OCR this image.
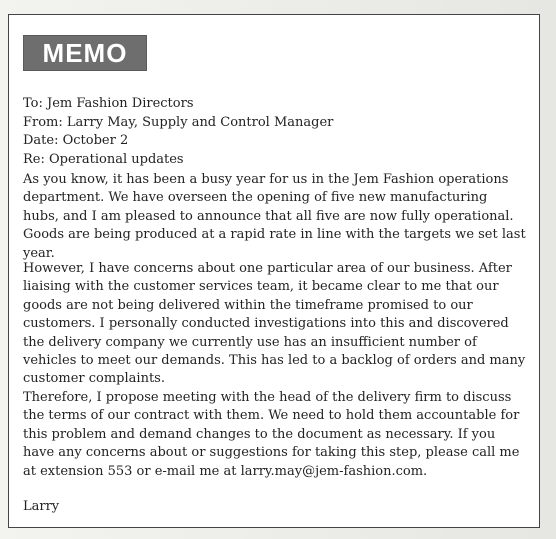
MEMO
To: Jem Fashion Directors
From: Larry May, Supply and Control Manager
Date: October 2
Re: Operational updates

As you know, it has been a busy year for us in the Jem Fashion operations department. We have overseen the opening of five new manufacturing hubs, and I am pleased to announce that all five are now fully operational. Goods are being produced at a rapid rate in line with the targets we set last year.

However, I have concerns about one particular area of our business. After liaising with the customer services team, it became clear to me that our goods are not being delivered within the timeframe promised to our customers. I personally conducted investigations into this and discovered the delivery company we currently use has an insufficient number of vehicles to meet our demands. This has led to a backlog of orders and many customer complaints.

Therefore, I propose meeting with the head of the delivery firm to discuss the terms of our contract with them. We need to hold them accountable for this problem and demand changes to the document as necessary. If you have any concerns about or suggestions for taking this step, please call me at extension 553 or e-mail me at larry.may@jem-fashion.com.

Larry
